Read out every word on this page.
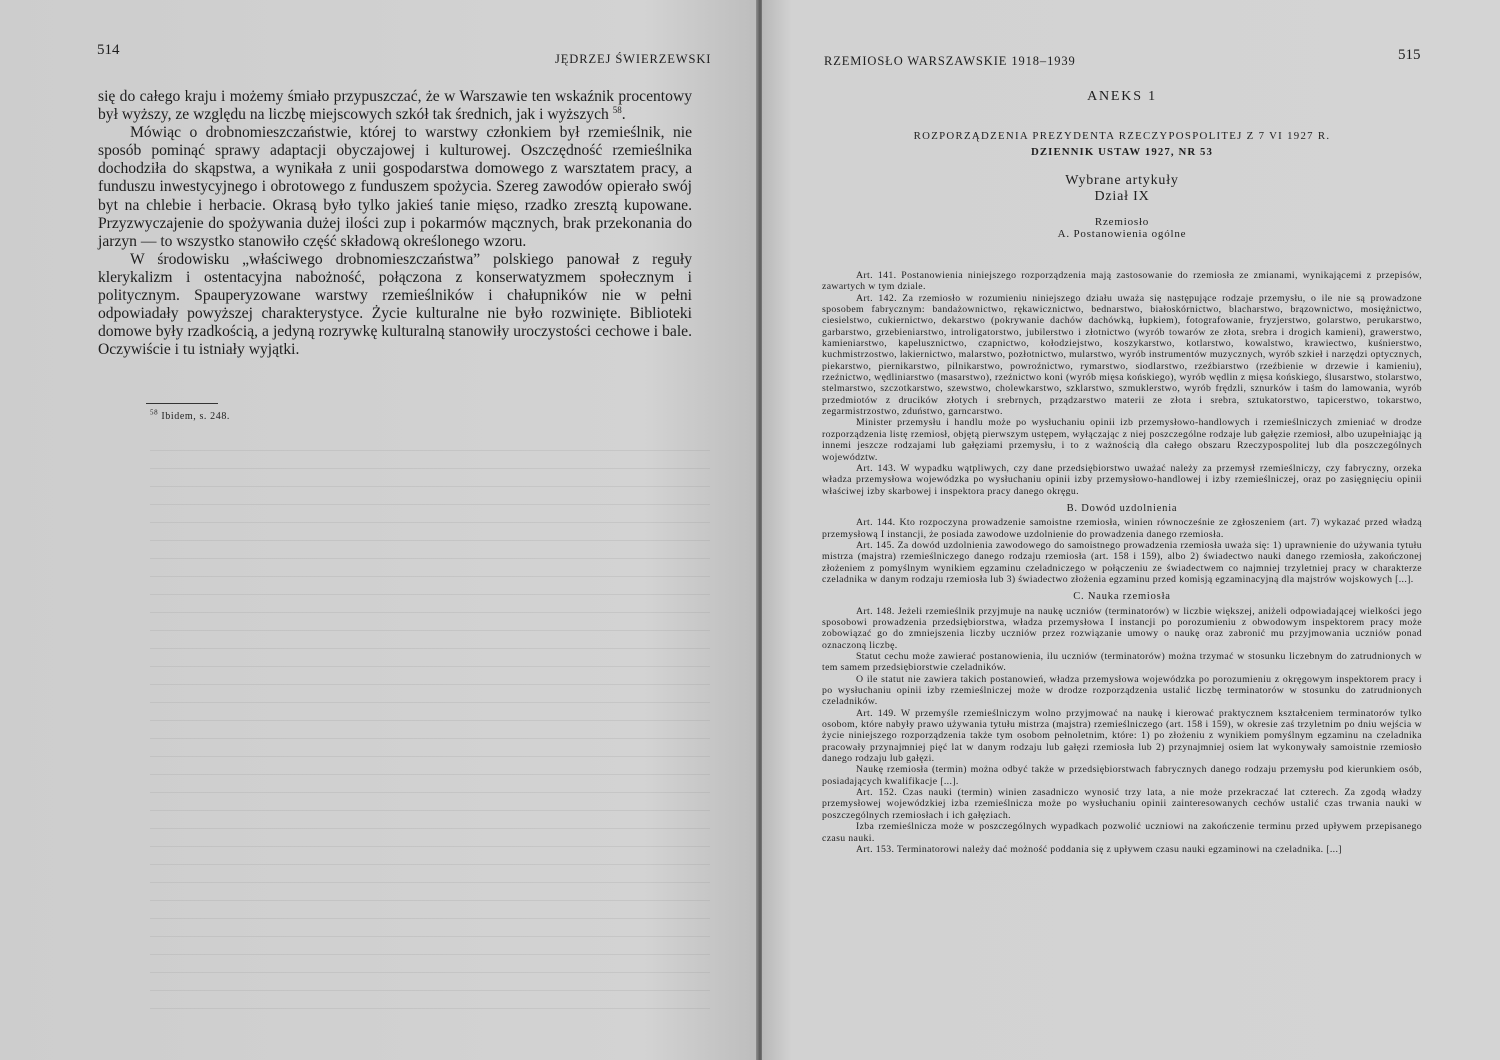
514
JĘDRZEJ ŚWIERZEWSKI

się do całego kraju i możemy śmiało przypuszczać, że w Warszawie ten wskaźnik procentowy był wyższy, ze względu na liczbę miejscowych szkół tak średnich, jak i wyższych $^{58}$.

Mówiąc o drobnomieszczaństwie, której to warstwy członkiem był rzemieślnik, nie sposób pominąć sprawy adaptacji obyczajowej i kulturowej. Oszczędność rzemieślnika dochodziła do skąpstwa, a wynikała z unii gospodarstwa domowego z warsztatem pracy, a funduszu inwestycyjnego i obrotowego z funduszem spożycia. Szereg zawodów opierało swój byt na chlebie i herbacie. Okrasą było tylko jakieś tanie mięso, rzadko zresztą kupowane. Przyzwyczajenie do spożywania dużej ilości zup i pokarmów mącznych, brak przekonania do jarzyn — to wszystko stanowiło część składową określonego wzoru.

W środowisku „właściwego drobnomieszczaństwa” polskiego panował z reguły klerykalizm i ostentacyjna nabożność, połączona z konserwatyzmem społecznym i politycznym. Spauperyzowane warstwy rzemieślników i chałupników nie w pełni odpowiadały powyższej charakterystyce. Życie kulturalne nie było rozwinięte. Biblioteki domowe były rzadkością, a jedyną rozrywkę kulturalną stanowiły uroczystości cechowe i bale. Oczywiście i tu istniały wyjątki.

$^{58}$ Ibidem, s. 248.
RZEMIOSŁO WARSZAWSKIE 1918–1939	515
ANEKS 1
ROZPORZĄDZENIA PREZYDENTA RZECZYPOSPOLITEJ Z 7 VI 1927 R.
DZIENNIK USTAW 1927, NR 53
Wybrane artykuły
Dział IX
Rzemiosło
A. Postanowienia ogólne

Art. 141. Postanowienia niniejszego rozporządzenia mają zastosowanie do rzemiosła ze zmianami, wynikającemi z przepisów, zawartych w tym dziale.

Art. 142. Za rzemiosło w rozumieniu niniejszego działu uważa się następujące rodzaje przemysłu, o ile nie są prowadzone sposobem fabrycznym: bandażownictwo, rękawicznictwo, bednarstwo, białoskórnictwo, blacharstwo, brązownictwo, mosiężnictwo, ciesielstwo, cukiernictwo, dekarstwo (pokrywanie dachów dachówką, łupkiem), fotografowanie, fryzjerstwo, golarstwo, perukarstwo, garbarstwo, grzebieniarstwo, introligatorstwo, jubilerstwo i złotnictwo (wyrób towarów ze złota, srebra i drogich kamieni), grawerstwo, kamieniarstwo, kapelusznictwo, czapnictwo, kołodziejstwo, koszykarstwo, kotlarstwo, kowalstwo, krawiectwo, kuśnierstwo, kuchmistrzostwo, lakiernictwo, malarstwo, pozłotnictwo, mularstwo, wyrób instrumentów muzycznych, wyrób szkieł i narzędzi optycznych, piekarstwo, piernikarstwo, pilnikarstwo, powroźnictwo, rymarstwo, siodlarstwo, rzeźbiarstwo (rzeźbienie w drzewie i kamieniu), rzeźnictwo, wędliniarstwo (masarstwo), rzeźnictwo koni (wyrób mięsa końskiego), wyrób wędlin z mięsa końskiego, ślusarstwo, stolarstwo, stelmarstwo, szczotkarstwo, szewstwo, cholewkarstwo, szklarstwo, szmuklerstwo, wyrób frędzli, sznurków i taśm do lamowania, wyrób przedmiotów z drucików złotych i srebrnych, prządzarstwo materii ze złota i srebra, sztukatorstwo, tapicerstwo, tokarstwo, zegarmistrzostwo, zduństwo, garncarstwo.

Minister przemysłu i handlu może po wysłuchaniu opinii izb przemysłowo-handlowych i rzemieślniczych zmieniać w drodze rozporządzenia listę rzemiosł, objętą pierwszym ustępem, wyłączając z niej poszczególne rodzaje lub gałęzie rzemiosł, albo uzupełniając ją innemi jeszcze rodzajami lub gałęziami przemysłu, i to z ważnością dla całego obszaru Rzeczypospolitej lub dla poszczególnych województw.

Art. 143. W wypadku wątpliwych, czy dane przedsiębiorstwo uważać należy za przemysł rzemieślniczy, czy fabryczny, orzeka władza przemysłowa wojewódzka po wysłuchaniu opinii izby przemysłowo-handlowej i izby rzemieślniczej, oraz po zasięgnięciu opinii właściwej izby skarbowej i inspektora pracy danego okręgu.

B. Dowód uzdolnienia

Art. 144. Kto rozpoczyna prowadzenie samoistne rzemiosła, winien równocześnie ze zgłoszeniem (art. 7) wykazać przed władzą przemysłową I instancji, że posiada zawodowe uzdolnienie do prowadzenia danego rzemiosła.

Art. 145. Za dowód uzdolnienia zawodowego do samoistnego prowadzenia rzemiosła uważa się: 1) uprawnienie do używania tytułu mistrza (majstra) rzemieślniczego danego rodzaju rzemiosła (art. 158 i 159), albo 2) świadectwo nauki danego rzemiosła, zakończonej złożeniem z pomyślnym wynikiem egzaminu czeladniczego w połączeniu ze świadectwem co najmniej trzyletniej pracy w charakterze czeladnika w danym rodzaju rzemiosła lub 3) świadectwo złożenia egzaminu przed komisją egzaminacyjną dla majstrów wojskowych [...].

C. Nauka rzemiosła

Art. 148. Jeżeli rzemieślnik przyjmuje na naukę uczniów (terminatorów) w liczbie większej, aniżeli odpowiadającej wielkości jego sposobowi prowadzenia przedsiębiorstwa, władza przemysłowa I instancji po porozumieniu z obwodowym inspektorem pracy może zobowiązać go do zmniejszenia liczby uczniów przez rozwiązanie umowy o naukę oraz zabronić mu przyjmowania uczniów ponad oznaczoną liczbę.

Statut cechu może zawierać postanowienia, ilu uczniów (terminatorów) można trzymać w stosunku liczebnym do zatrudnionych w tem samem przedsiębiorstwie czeladników.

O ile statut nie zawiera takich postanowień, władza przemysłowa wojewódzka po porozumieniu z okręgowym inspektorem pracy i po wysłuchaniu opinii izby rzemieślniczej może w drodze rozporządzenia ustalić liczbę terminatorów w stosunku do zatrudnionych czeladników.

Art. 149. W przemyśle rzemieślniczym wolno przyjmować na naukę i kierować praktycznem kształceniem terminatorów tylko osobom, które nabyły prawo używania tytułu mistrza (majstra) rzemieślniczego (art. 158 i 159), w okresie zaś trzyletnim po dniu wejścia w życie niniejszego rozporządzenia także tym osobom pełnoletnim, które: 1) po złożeniu z wynikiem pomyślnym egzaminu na czeladnika pracowały przynajmniej pięć lat w danym rodzaju lub gałęzi rzemiosła lub 2) przynajmniej osiem lat wykonywały samoistnie rzemiosło danego rodzaju lub gałęzi.

Naukę rzemiosła (termin) można odbyć także w przedsiębiorstwach fabrycznych danego rodzaju przemysłu pod kierunkiem osób, posiadających kwalifikacje [...].

Art. 152. Czas nauki (termin) winien zasadniczo wynosić trzy lata, a nie może przekraczać lat czterech. Za zgodą władzy przemysłowej wojewódzkiej izba rzemieślnicza może po wysłuchaniu opinii zainteresowanych cechów ustalić czas trwania nauki w poszczególnych rzemiosłach i ich gałęziach.

Izba rzemieślnicza może w poszczególnych wypadkach pozwolić uczniowi na zakończenie terminu przed upływem przepisanego czasu nauki.

Art. 153. Terminatorowi należy dać możność poddania się z upływem czasu nauki egzaminowi na czeladnika. [...]
